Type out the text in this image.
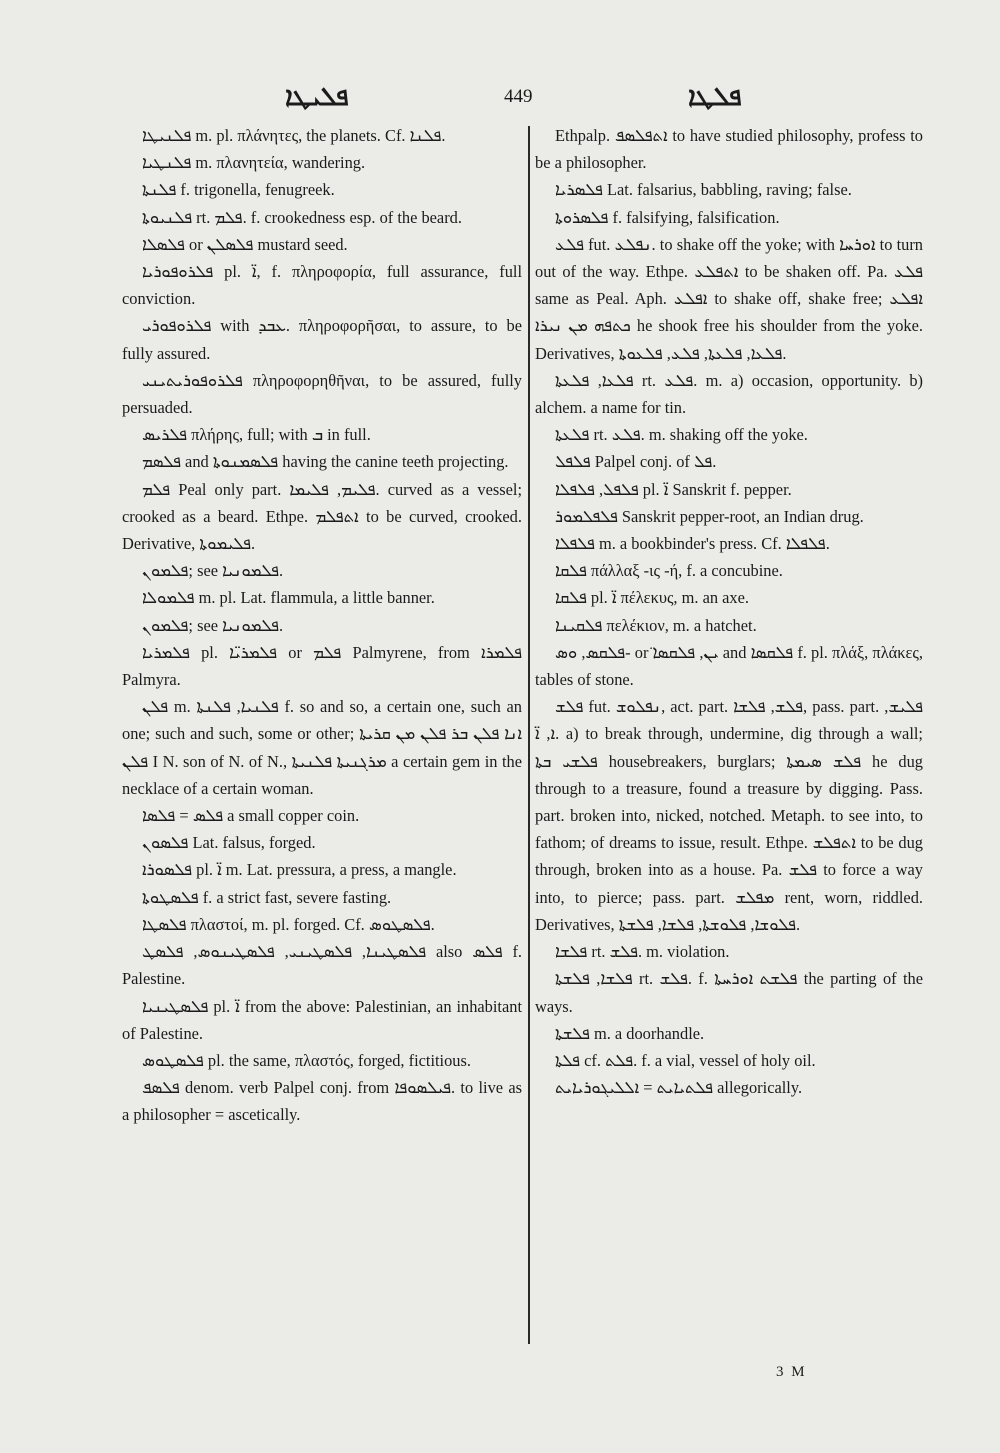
ܦܠܝܛܐ	449	ܦܠܛܐ

ܦܠܢܝܛܐ m. pl. πλάνητες, the planets. Cf. ܦܠܢܐ.

ܦܠܢܛܝܐ m. πλανητεία, wandering.

ܦܠܢܬܐ f. trigonella, fenugreek.

ܦܠܢܝܘܬܐ rt. ܦܠܡ. f. crookedness esp. of the beard.

ܦܠܣܠܐ or ܦܠܣܠܢ mustard seed.

ܦܠܪܘܦܘܪܝܐ pl. ܐ̈, f. πληροφορία, full assurance, full conviction.

ܦܠܪܘܦܘܪܝ with ܥܒܕ. πληροφορῆσαι, to assure, to be fully assured.

ܦܠܪܘܦܘܪܝܬܝܢܝ πληροφορηθῆναι, to be assured, fully persuaded.

ܦܠܪܝܣ πλήρης, full; with ܒ in full.

ܦܠܣܡ and ܦܠܣܡܢܘܬܐ having the canine teeth projecting.

ܦܠܡ Peal only part. ܦܠܝܡ, ܦܠܝܡܐ. curved as a vessel; crooked as a beard. Ethpe. ܐܬܦܠܡ to be curved, crooked. Derivative, ܦܠܝܡܘܬܐ.

ܦܠܡܘܢ; see ܦܠܡܘܢܝܐ.

ܦܠܡܘܠܐ m. pl. Lat. flammula, a little banner.

ܦܠܡܘܢ; see ܦܠܡܘܢܝܐ.

ܦܠܡܪܝܐ pl. ܦܠܡܪܝ̈ܐ or ܦܠܡ Palmyrene, from ܦܠܡܪܐ Palmyra.

ܦܠܢ m. ܦܠܢܝܐ, ܦܠܢܬܐ f. so and so, a certain one, such an one; such and such, some or other; ܐܢܐ ܦܠܢ ܒܪ ܦܠܢ ܡܢ ܩܪܝܬܐ ܦܠܢ I N. son of N. of N., ܡܪܓܢܝܬܐ ܦܠܢܝܬܐ a certain gem in the necklace of a certain woman.

ܦܠܣ = ܦܠܣܐ a small copper coin.

ܦܠܣܘܢ Lat. falsus, forged.

ܦܠܣܘܪܐ pl. ܐ̈ m. Lat. pressura, a press, a mangle.

ܦܠܣܛܘܬܐ f. a strict fast, severe fasting.

ܦܠܣܛܐ πλαστοί, m. pl. forged. Cf. ܦܠܣܛܘܣ.

ܦܠܣܛܝܢܐ, ܦܠܣܛܝܢܝ, ܦܠܣܛܝܢܘܣ, ܦܠܣܛ also ܦܠܣ f. Palestine.

ܦܠܣܛܝܢܝܐ pl. ܐ̈ from the above: Palestinian, an inhabitant of Palestine.

ܦܠܣܛܘܣ pl. the same, πλαστός, forged, fictitious.

ܦܠܣܦ denom. verb Palpel conj. from ܦܝܠܣܘܦܐ. to live as a philosopher = ascetically.

Ethpalp. ܐܬܦܠܣܦ to have studied philosophy, profess to be a philosopher.

ܦܠܣܪܝܐ Lat. falsarius, babbling, raving; false.

ܦܠܣܪܘܬܐ f. falsifying, falsification.

ܦܠܥ fut. ܢܦܠܥ. to shake off the yoke; with ܐܘܪܚܐ to turn out of the way. Ethpe. ܐܬܦܠܥ to be shaken off. Pa. ܦܠܥ same as Peal. Aph. ܐܦܠܥ to shake off, shake free; ܐܦܠܥ ܟܬܦܗ ܡܢ ܢܝܪܐ he shook free his shoulder from the yoke. Derivatives, ܦܠܥܐ, ܦܠܥܬܐ, ܦܠܥ, ܦܠܥܘܬܐ.

ܦܠܥܐ, ܦܠܥܬܐ rt. ܦܠܥ. m. a) occasion, opportunity. b) alchem. a name for tin.

ܦܠܥܬܐ rt. ܦܠܥ. m. shaking off the yoke.

ܦܠܦܠ Palpel conj. of ܦܠ.

ܦܠܦܠ, ܦܠܦܠܐ pl. ܐ̈ Sanskrit f. pepper.

ܦܠܦܠܡܘܪ Sanskrit pepper-root, an Indian drug.

ܦܠܦܠܐ m. a bookbinder's press. Cf. ܦܠܦܠܐ.

ܦܠܩܐ πάλλαξ -ις -ή, f. a concubine.

ܦܠܩܐ pl. ܐ̈ πέλεκυς, m. an axe.

ܦܠܩܝܢܐ πελέκιον, m. a hatchet.

ܦܠܩܣ, ܘܣ- or ̈ܝܢ, ܦܠܩܣܐ and ܦܠܩܣܐ f. pl. πλάξ, πλάκες, tables of stone.

ܦܠܫ fut. ܢܦܠܘܫ, act. part. ܦܠܫ, ܦܠܫܐ, pass. part. ܦܠܝܫ, ܐ, ܐ̈. a) to break through, undermine, dig through a wall; ܦܠܫܝ ܒܬܐ housebreakers, burglars; ܦܠܫ ܣܝܡܬܐ he dug through to a treasure, found a treasure by digging. Pass. part. broken into, nicked, notched. Metaph. to see into, to fathom; of dreams to issue, result. Ethpe. ܐܬܦܠܫ to be dug through, broken into as a house. Pa. ܦܠܫ to force a way into, to pierce; pass. part. ܡܦܠܫ rent, worn, riddled. Derivatives, ܦܠܘܫܐ, ܦܠܘܫܬܐ, ܦܠܫܐ, ܦܠܫܬܐ.

ܦܠܫܐ rt. ܦܠܫ. m. violation.

ܦܠܫܐ, ܦܠܫܬܐ rt. ܦܠܫ. f. ܦܠܫܬ ܐܘܪܚܬܐ the parting of the ways.

ܦܠܫܬܐ m. a doorhandle.

ܦܠܬܐ cf. ܦܠܬ. f. a vial, vessel of holy oil.

ܦܠܬܝܐܝܬ = ܐܠܠܝܓܘܪܝܐܝܬ allegorically.

3 M
